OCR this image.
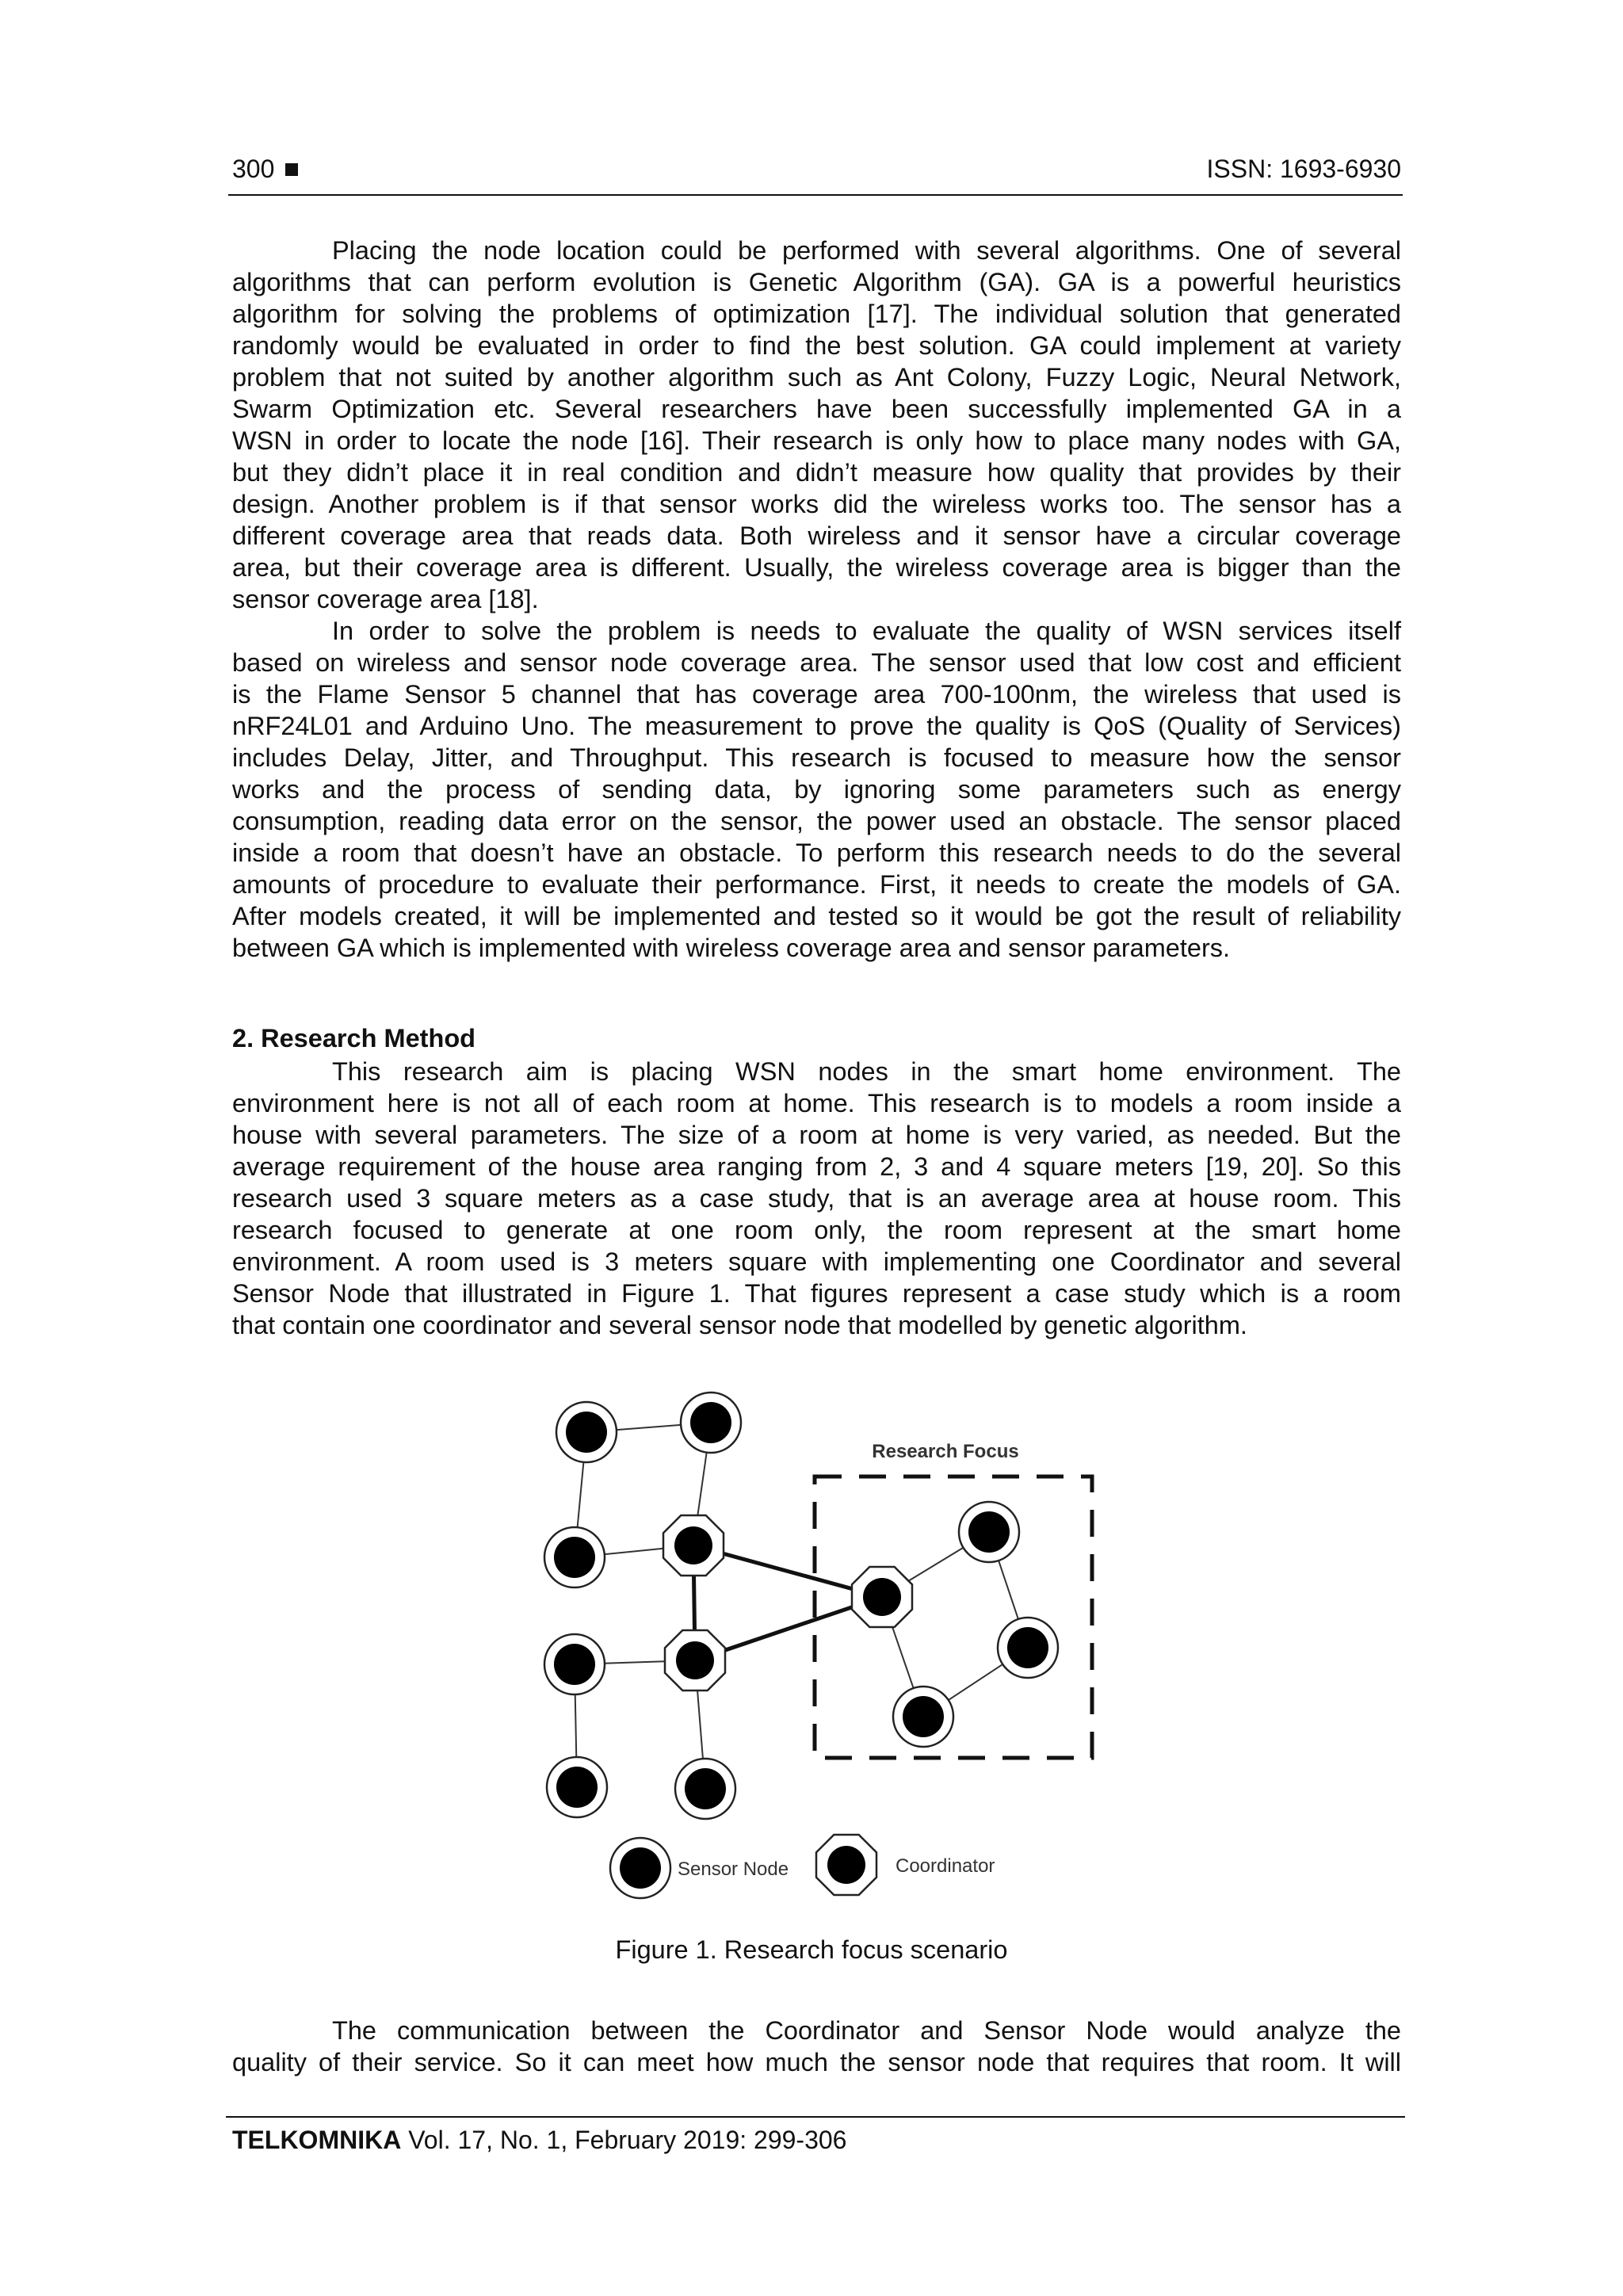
300	ISSN: 1693-6930
Placing the node location could be performed with several algorithms. One of several
algorithms that can perform evolution is Genetic Algorithm (GA). GA is a powerful heuristics
algorithm for solving the problems of optimization [17]. The individual solution that generated
randomly would be evaluated in order to find the best solution. GA could implement at variety
problem that not suited by another algorithm such as Ant Colony, Fuzzy Logic, Neural Network,
Swarm Optimization etc. Several researchers have been successfully implemented GA in a
WSN in order to locate the node [16]. Their research is only how to place many nodes with GA,
but they didn’t place it in real condition and didn’t measure how quality that provides by their
design. Another problem is if that sensor works did the wireless works too. The sensor has a
different coverage area that reads data. Both wireless and it sensor have a circular coverage
area, but their coverage area is different. Usually, the wireless coverage area is bigger than the
sensor coverage area [18].
In order to solve the problem is needs to evaluate the quality of WSN services itself
based on wireless and sensor node coverage area. The sensor used that low cost and efficient
is the Flame Sensor 5 channel that has coverage area 700-100nm, the wireless that used is
nRF24L01 and Arduino Uno. The measurement to prove the quality is QoS (Quality of Services)
includes Delay, Jitter, and Throughput. This research is focused to measure how the sensor
works and the process of sending data, by ignoring some parameters such as energy
consumption, reading data error on the sensor, the power used an obstacle. The sensor placed
inside a room that doesn’t have an obstacle. To perform this research needs to do the several
amounts of procedure to evaluate their performance. First, it needs to create the models of GA.
After models created, it will be implemented and tested so it would be got the result of reliability
between GA which is implemented with wireless coverage area and sensor parameters.
2. Research Method
This research aim is placing WSN nodes in the smart home environment. The
environment here is not all of each room at home. This research is to models a room inside a
house with several parameters. The size of a room at home is very varied, as needed. But the
average requirement of the house area ranging from 2, 3 and 4 square meters [19, 20]. So this
research used 3 square meters as a case study, that is an average area at house room. This
research focused to generate at one room only, the room represent at the smart home
environment. A room used is 3 meters square with implementing one Coordinator and several
Sensor Node that illustrated in Figure 1. That figures represent a case study which is a room
that contain one coordinator and several sensor node that modelled by genetic algorithm.
Research Focus
Sensor Node	Coordinator
Figure 1. Research focus scenario
The communication between the Coordinator and Sensor Node would analyze the
quality of their service. So it can meet how much the sensor node that requires that room. It will
TELKOMNIKA Vol. 17, No. 1, February 2019: 299-306
